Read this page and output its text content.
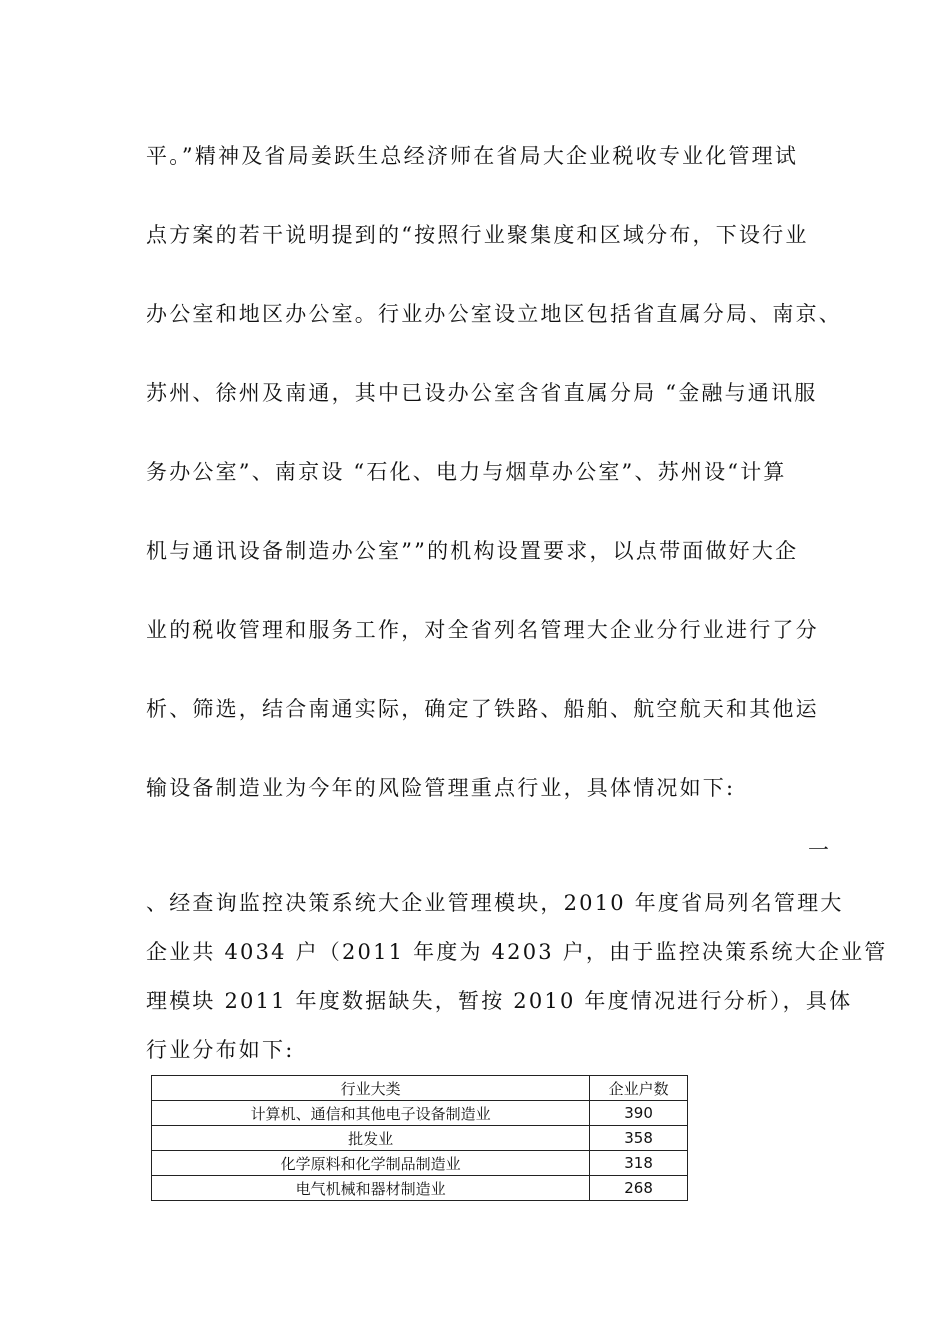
平。”精神及省局姜跃生总经济师在省局大企业税收专业化管理试
点方案的若干说明提到的“按照行业聚集度和区域分布，下设行业
办公室和地区办公室。行业办公室设立地区包括省直属分局、南京、
苏州、徐州及南通，其中已设办公室含省直属分局 “金融与通讯服
务办公室”、南京设 “石化、电力与烟草办公室”、苏州设“计算
机与通讯设备制造办公室””的机构设置要求，以点带面做好大企
业的税收管理和服务工作，对全省列名管理大企业分行业进行了分
析、筛选，结合南通实际，确定了铁路、船舶、航空航天和其他运
输设备制造业为今年的风险管理重点行业，具体情况如下:
一
、经查询监控决策系统大企业管理模块，2010 年度省局列名管理大
企业共 4034 户（2011 年度为 4203 户，由于监控决策系统大企业管
理模块 2011 年度数据缺失，暂按 2010 年度情况进行分析），具体
行业分布如下:
行业大类	企业户数
计算机、通信和其他电子设备制造业	390
批发业	358
化学原料和化学制品制造业	318
电气机械和器材制造业	268
